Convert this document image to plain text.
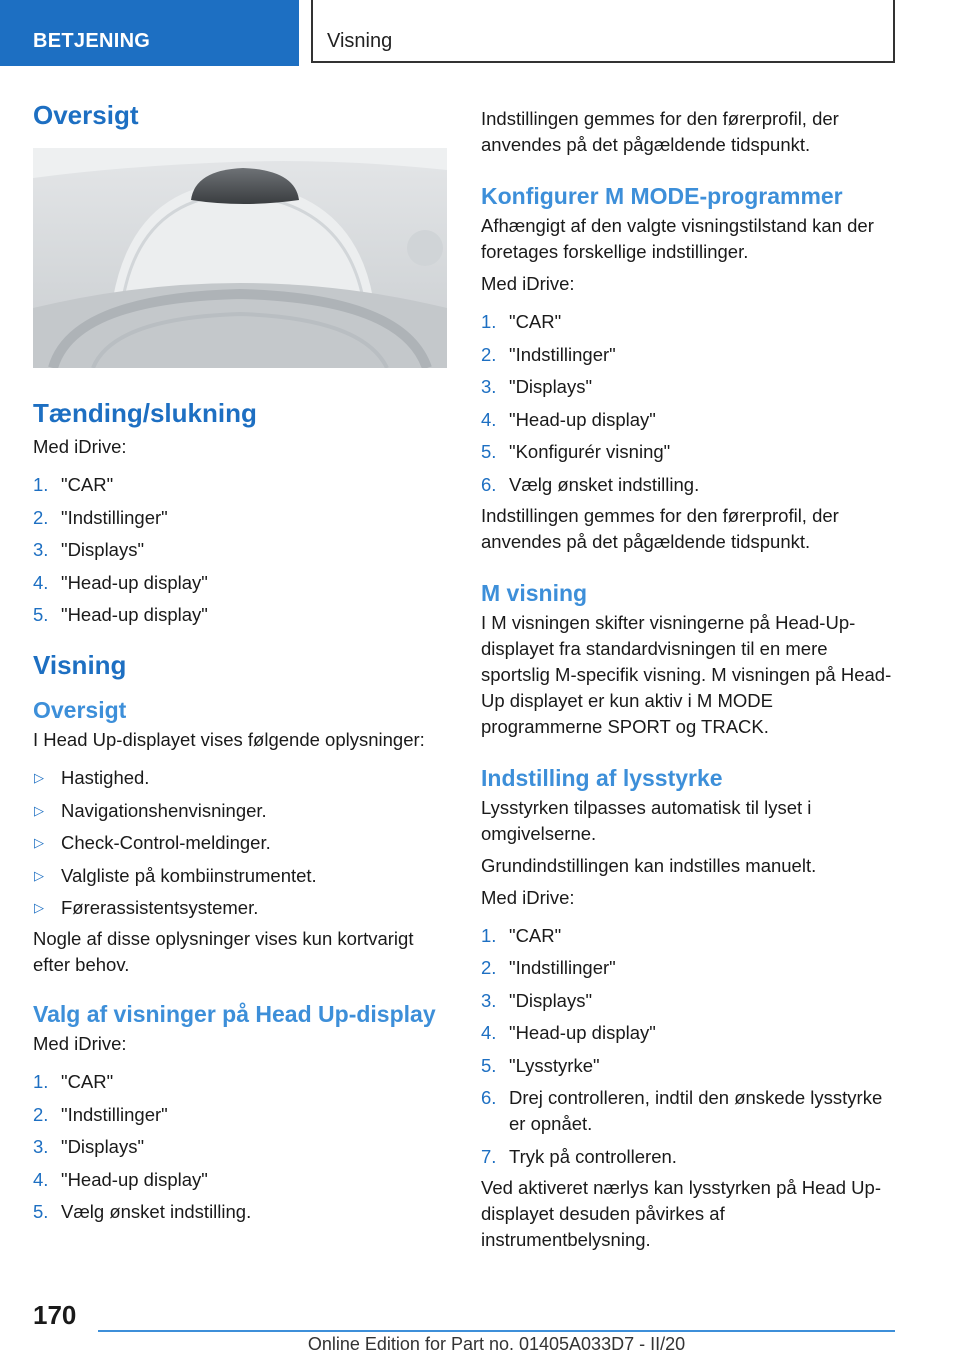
BETJENING	Visning
Oversigt
Tænding/slukning

Med iDrive:

1. "CAR"
2. "Indstillinger"
3. "Displays"
4. "Head-up display"
5. "Head-up display"
Visning
Oversigt

I Head Up-displayet vises følgende oplysninger:

▷ Hastighed.
▷ Navigationshenvisninger.
▷ Check-Control-meldinger.
▷ Valgliste på kombiinstrumentet.
▷ Førerassistentsystemer.

Nogle af disse oplysninger vises kun kortvarigt efter behov.

Valg af visninger på Head Up-display

Med iDrive:

1. "CAR"
2. "Indstillinger"
3. "Displays"
4. "Head-up display"
5. Vælg ønsket indstilling.

Indstillingen gemmes for den førerprofil, der anvendes på det pågældende tidspunkt.

Konfigurer M MODE-programmer

Afhængigt af den valgte visningstilstand kan der foretages forskellige indstillinger.

Med iDrive:

1. "CAR"
2. "Indstillinger"
3. "Displays"
4. "Head-up display"
5. "Konfigurér visning"
6. Vælg ønsket indstilling.

Indstillingen gemmes for den førerprofil, der anvendes på det pågældende tidspunkt.

M visning

I M visningen skifter visningerne på Head-Up-displayet fra standardvisningen til en mere sportslig M-specifik visning. M visningen på Head-Up displayet er kun aktiv i M MODE programmerne SPORT og TRACK.

Indstilling af lysstyrke

Lysstyrken tilpasses automatisk til lyset i omgivelserne.

Grundindstillingen kan indstilles manuelt.

Med iDrive:

1. "CAR"
2. "Indstillinger"
3. "Displays"
4. "Head-up display"
5. "Lysstyrke"
6. Drej controlleren, indtil den ønskede lysstyrke er opnået.
7. Tryk på controlleren.

Ved aktiveret nærlys kan lysstyrken på Head Up-displayet desuden påvirkes af instrumentbelysning.

170
Online Edition for Part no. 01405A033D7 - II/20
